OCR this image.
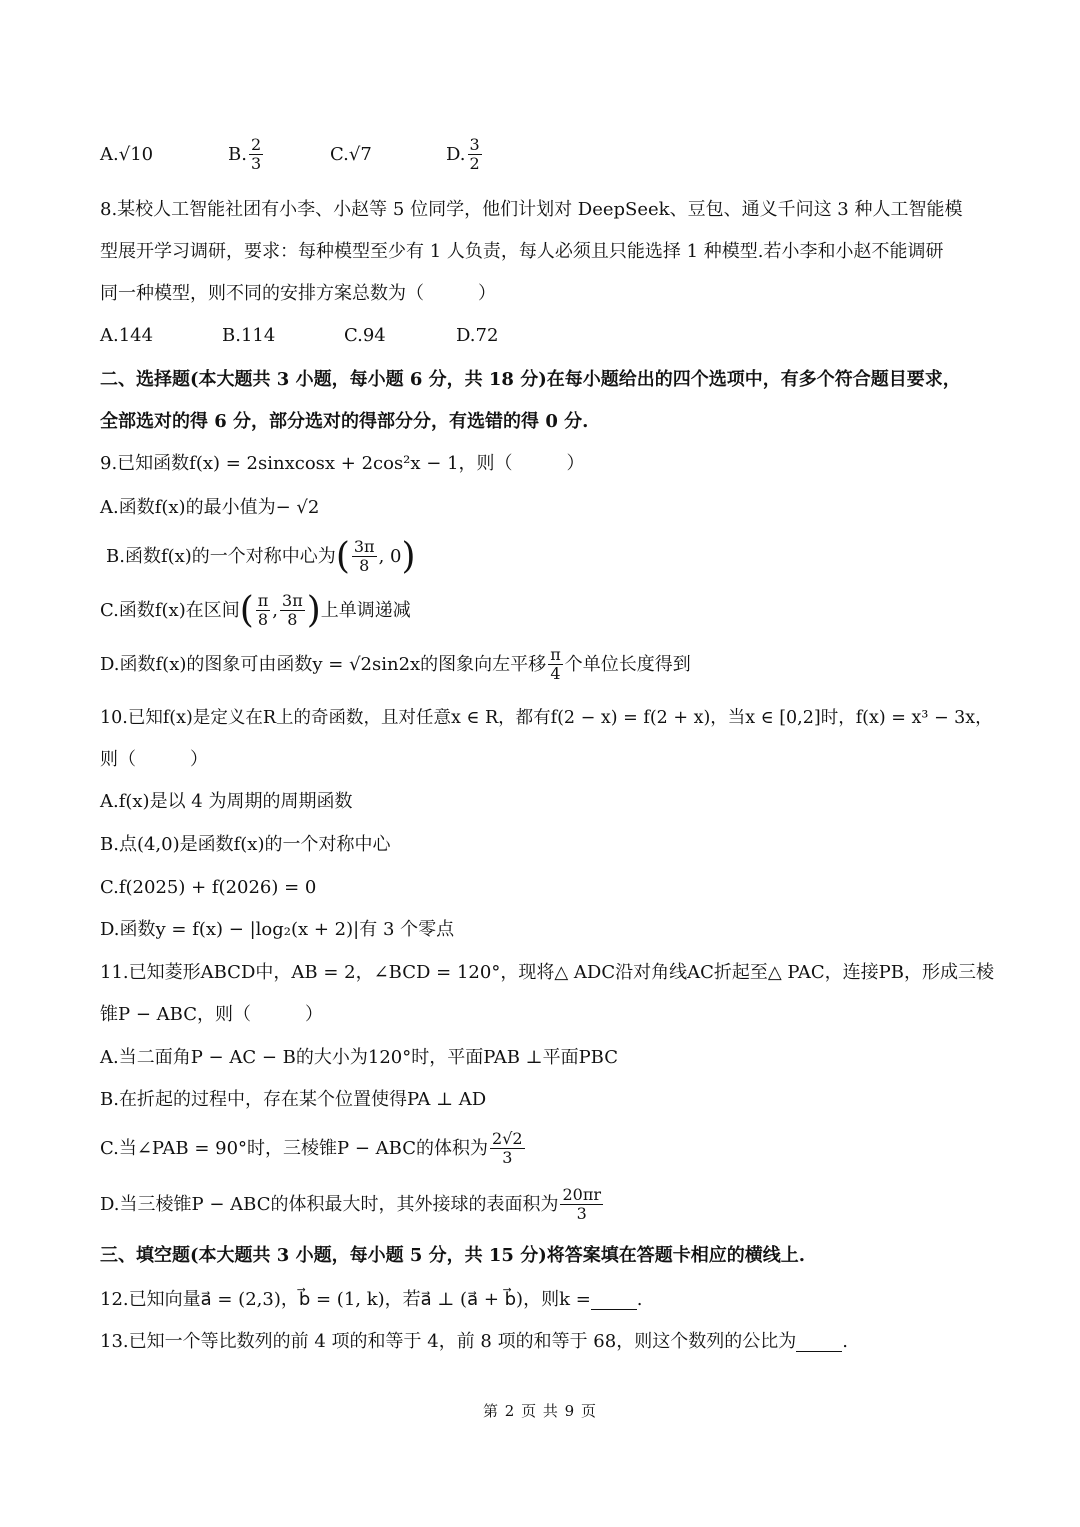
A.√10	B. $\frac{2}{3}$	C.√7	D. $\frac{3}{2}$
8.某校人工智能社团有小李、小赵等 5 位同学，他们计划对 DeepSeek、豆包、通义千问这 3 种人工智能模
型展开学习调研，要求：每种模型至少有 1 人负责，每人必须且只能选择 1 种模型.若小李和小赵不能调研
同一种模型，则不同的安排方案总数为（　　　）
A.144	B.114	C.94	D.72
二、选择题(本大题共 3 小题，每小题 6 分，共 18 分)在每小题给出的四个选项中，有多个符合题目要求，
全部选对的得 6 分，部分选对的得部分分，有选错的得 0 分.
9.已知函数f(x) = 2sinxcosx + 2cos²x − 1，则（　　　）
A.函数f(x)的最小值为− √2
B.函数f(x)的一个对称中心为 ( $\frac{3\pi}{8}$ , 0 )
C.函数f(x)在区间 ( $\frac{\pi}{8}$ , $\frac{3\pi}{8}$ ) 上单调递减
D.函数f(x)的图象可由函数y = √2sin2x的图象向左平移 $\frac{\pi}{4}$ 个单位长度得到
10.已知f(x)是定义在R上的奇函数，且对任意x ∈ R，都有f(2 − x) = f(2 + x)，当x ∈ [0,2]时，f(x) = x³ − 3x，
则（　　　）
A.f(x)是以 4 为周期的周期函数
B.点(4,0)是函数f(x)的一个对称中心
C.f(2025) + f(2026) = 0
D.函数y = f(x) − |log₂(x + 2)|有 3 个零点
11.已知菱形ABCD中，AB = 2，∠BCD = 120°，现将△ ADC沿对角线AC折起至△ PAC，连接PB，形成三棱
锥P − ABC，则（　　　）
A.当二面角P − AC − B的大小为120°时，平面PAB ⊥平面PBC
B.在折起的过程中，存在某个位置使得PA ⊥ AD
C.当∠PAB = 90°时，三棱锥P − ABC的体积为 $\frac{2√2}{3}$
D.当三棱锥P − ABC的体积最大时，其外接球的表面积为 $\frac{20\pi r}{3}$
三、填空题(本大题共 3 小题，每小题 5 分，共 15 分)将答案填在答题卡相应的横线上.
12.已知向量a⃗ = (2,3)，b⃗ = (1, k)，若a⃗ ⊥ (a⃗ + b⃗)，则k =	.
13.已知一个等比数列的前 4 项的和等于 4，前 8 项的和等于 68，则这个数列的公比为	.
第 2 页 共 9 页
